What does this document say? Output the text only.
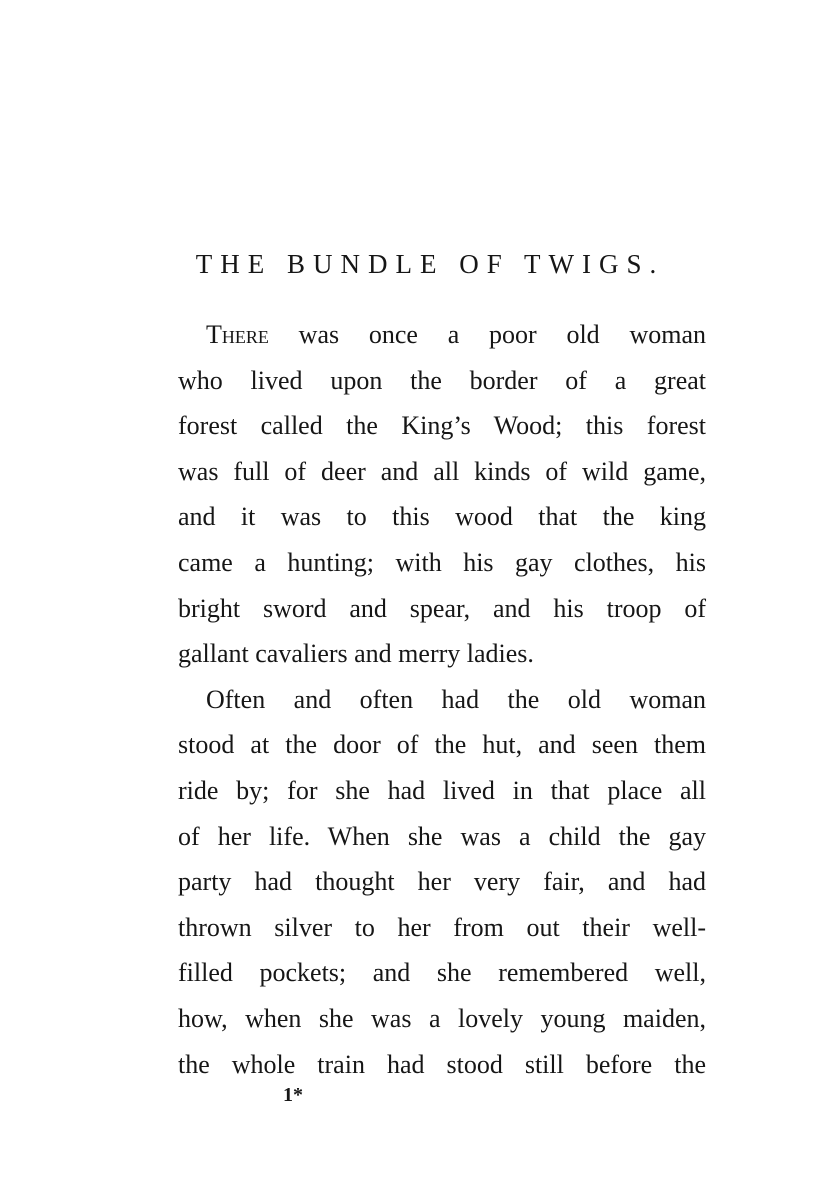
THE BUNDLE OF TWIGS.
There was once a poor old woman
who lived upon the border of a great
forest called the King’s Wood; this forest
was full of deer and all kinds of wild game,
and it was to this wood that the king
came a hunting; with his gay clothes, his
bright sword and spear, and his troop of
gallant cavaliers and merry ladies.
Often and often had the old woman
stood at the door of the hut, and seen them
ride by; for she had lived in that place all
of her life. When she was a child the gay
party had thought her very fair, and had
thrown silver to her from out their well-
filled pockets; and she remembered well,
how, when she was a lovely young maiden,
the whole train had stood still before the
1*
